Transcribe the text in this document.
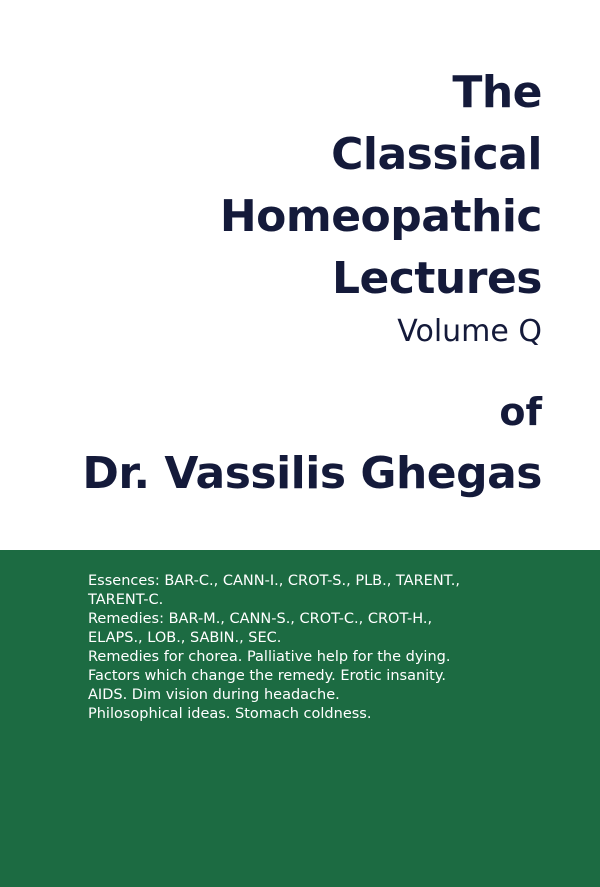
The
Classical
Homeopathic
Lectures
Volume Q
of
Dr. Vassilis Ghegas
Essences: BAR-C., CANN-I., CROT-S., PLB., TARENT.,
TARENT-C.
Remedies: BAR-M., CANN-S., CROT-C., CROT-H.,
ELAPS., LOB., SABIN., SEC.
Remedies for chorea. Palliative help for the dying.
Factors which change the remedy. Erotic insanity.
AIDS. Dim vision during headache.
Philosophical ideas. Stomach coldness.
